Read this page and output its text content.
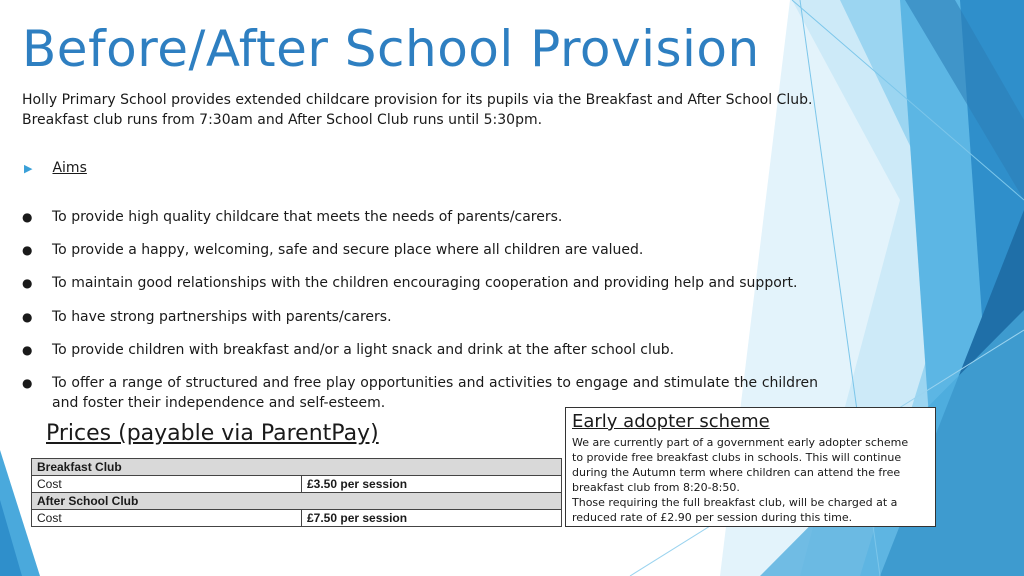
Before/After School Provision
Holly Primary School provides extended childcare provision for its pupils via the Breakfast and After School Club.
Breakfast club runs from 7:30am and After School Club runs until 5:30pm.
▶ Aims
●	To provide high quality childcare that meets the needs of parents/carers.
●	To provide a happy, welcoming, safe and secure place where all children are valued.
●	To maintain good relationships with the children encouraging cooperation and providing help and support.
●	To have strong partnerships with parents/carers.
●	To provide children with breakfast and/or a light snack and drink at the after school club.
●	To offer a range of structured and free play opportunities and activities to engage and stimulate the children and foster their independence and self-esteem.
Prices (payable via ParentPay)
Breakfast Club	
Cost	£3.50 per session
After School Club	
Cost	£7.50 per session
Early adopter scheme
We are currently part of a government early adopter scheme
to provide free breakfast clubs in schools. This will continue
during the Autumn term where children can attend the free
breakfast club from 8:20-8:50.
Those requiring the full breakfast club, will be charged at a
reduced rate of £2.90 per session during this time.
